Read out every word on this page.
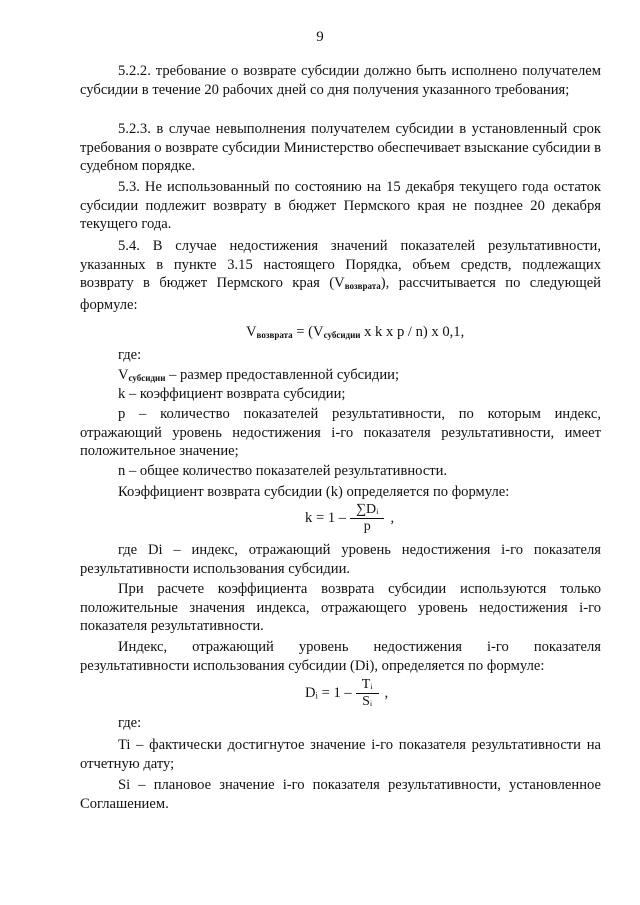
9

5.2.2. требование о возврате субсидии должно быть исполнено получателем субсидии в течение 20 рабочих дней со дня получения указанного требования;

5.2.3. в случае невыполнения получателем субсидии в установленный срок требования о возврате субсидии Министерство обеспечивает взыскание субсидии в судебном порядке.

5.3. Не использованный по состоянию на 15 декабря текущего года остаток субсидии подлежит возврату в бюджет Пермского края не позднее 20 декабря текущего года.

5.4. В случае недостижения значений показателей результативности, указанных в пункте 3.15 настоящего Порядка, объем средств, подлежащих возврату в бюджет Пермского края $(V_{возврата})$, рассчитывается по следующей формуле:

$V_{возврата} = (V_{субсидии}$ x k x p / n) x 0,1,

где:

$V_{субсидии}$ – размер предоставленной субсидии;

k – коэффициент возврата субсидии;

p – количество показателей результативности, по которым индекс, отражающий уровень недостижения i-го показателя результативности, имеет положительное значение;

n – общее количество показателей результативности.

Коэффициент возврата субсидии (k) определяется по формуле:

$k = 1 - \frac{\text{∑Dᵢ}}{p}$ ,

где Di – индекс, отражающий уровень недостижения i-го показателя результативности использования субсидии.

При расчете коэффициента возврата субсидии используются только положительные значения индекса, отражающего уровень недостижения i-го показателя результативности.

Индекс, отражающий уровень недостижения i-го показателя результативности использования субсидии (Di), определяется по формуле:

Dᵢ = $1 - \frac{\text{Tᵢ}}{\text{Sᵢ}}$ ,

где:

Ti – фактически достигнутое значение i-го показателя результативности на отчетную дату;

Si – плановое значение i-го показателя результативности, установленное Соглашением.
